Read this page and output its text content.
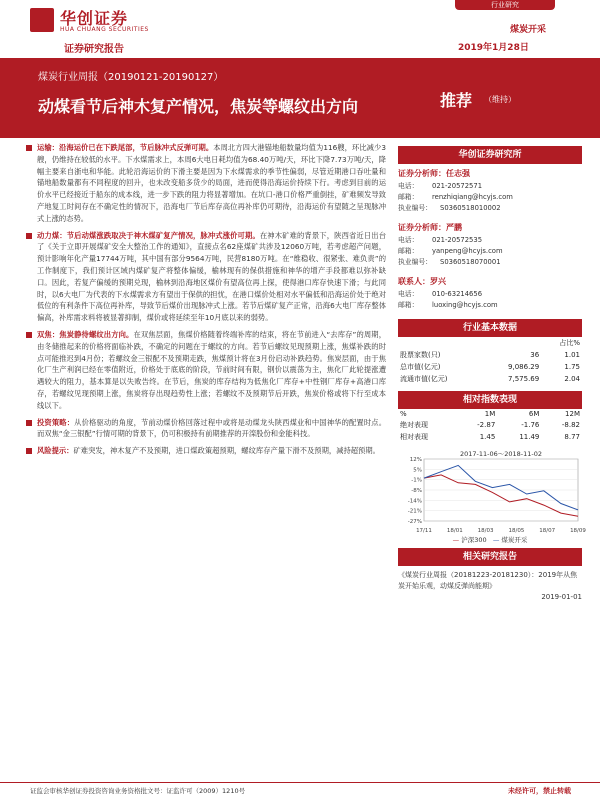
华创证券
HUA CHUANG SECURITIES
证券研究报告
行业研究
煤炭开采
2019年1月28日
煤炭行业周报（20190121-20190127）
动煤看节后神木复产情况，焦炭等螺纹出方向	推荐 （维持）
运输：沿海运价已在下跌尾部，节后脉冲式反弹可期。本周北方四大港锚地船数量均值为116艘，环比减少3艘，仍维持在较低的水平。下水煤需求上，本周6大电日耗均值为68.40万吨/天，环比下降7.73万吨/天，降幅主要来自浙电和华能。此轮沿海运价的下滑主要是因为下水煤需求的季节性偏弱，尽管近期港口吞吐量和锚地船数量都有不同程度的回升，也未改变船多货少的局面，进而使得沿海运价持续下行。考虑到目前的运价水平已经接近于船东的成本线，进一步下跌的阻力将显著增加。在坑口-港口价格严重倒挂，矿难频发导致产地复工时间存在不确定性的情况下，沿海电厂节后库存高位再补库仍可期待，沿海运价有望随之呈现脉冲式上涨的态势。
动力煤：节后动煤涨跌取决于神木煤矿复产情况，脉冲式涨价可期。在神木矿难的背景下，陕西省近日出台了《关于立即开展煤矿安全大整治工作的通知》，直接点名62座煤矿共涉及12060万吨，若考虑超产问题，预计影响年化产量17744万吨，其中国有部分9564万吨，民营8180万吨。在“维稳收、很紧张、难负责”的工作制度下，我们预计区域内煤矿复产将整体偏缓，榆林现有的保供措施和神华的增产手段都难以弥补缺口。因此，若复产偏缓的预期兑现，榆林到沿海地区煤价有望高位再上探，使得港口库存快速下滑；与此同时，以6大电厂为代表的下水煤需求方有望出于保供的担忧，在港口煤价处相对水平偏低和沿海运价处于绝对低位的有利条件下高位再补库，导致节后煤价出现脉冲式上涨。若节后煤矿复产正常，沿海6大电厂库存整体偏高，补库需求料将被显著抑制，煤价或将延续至年10月底以来的弱势。
双焦：焦炭静待螺纹出方向。在双焦层面，焦煤价格随着终端补库的结束，将在节前进入“去库存”的周期，由冬储推起来的价格将面临补跌，不确定的问题在于螺纹的方向。若节后螺纹见现预期上涨，焦煤补跌的时点可能推迟到4月份；若螺纹金三银配不及预期走跌，焦煤预计将在3月份启动补跌趋势。焦炭层面，由于焦化厂生产利润已经在零值附近，价格处于底底的阶段，节前时间有限，钢价以震荡为主，焦化厂此轮提涨遭遇较大的阻力，基本算是以失败告终。在节后，焦炭的库存结构为低焦化厂库存+中性钢厂库存+高港口库存，若螺纹见现预期上涨，焦炭将存出现趋势性上涨；若螺纹不及预期节后开跌，焦炭价格或将下行至成本线以下。
投资策略：从价格驱动的角度，节前动煤价格回落过程中或将是动煤龙头陕西煤业和中国神华的配置时点。而双焦“金三银配”行情可期的背景下，仍可积极持有前期推荐的开滦股份和金能科技。
风险提示：矿难突发，神木复产不及预期，进口煤政策超预期，螺纹库存产量下滑不及预期，减持超预期。
华创证券研究所
证券分析师：任志强
电话：	021-20572571
邮箱：	renzhiqiang@hcyjs.com
执业编号：	S0360518010002
证券分析师：严鹏
电话：	021-20572535
邮箱：	yanpeng@hcyjs.com
执业编号：	S0360518070001
联系人：罗兴
电话：	010-63214656
邮箱：	luoxing@hcyjs.com
行业基本数据
		占比%
股票家数(只)	36	1.01
总市值(亿元)	9,086.29	1.75
流通市值(亿元)	7,575.69	2.04
相对指数表现
%	1M	6M	12M
绝对表现	-2.87	-1.76	-8.82
相对表现	1.45	11.49	8.77
2017-11-06～2018-11-02
12%
5%
-1%
-8%
-14%
-21%
-27%
17/11	18/01	18/03	18/05	18/07	18/09
— 沪深300 — 煤炭开采
相关研究报告
《煤炭行业周报（20181223-20181230）：2019年从焦炭开始乐观，动煤反弹尚能期》
2019-01-01
证监会审核华创证券投资咨询业务资格批文号：证监许可（2009）1210号	未经许可，禁止转载
